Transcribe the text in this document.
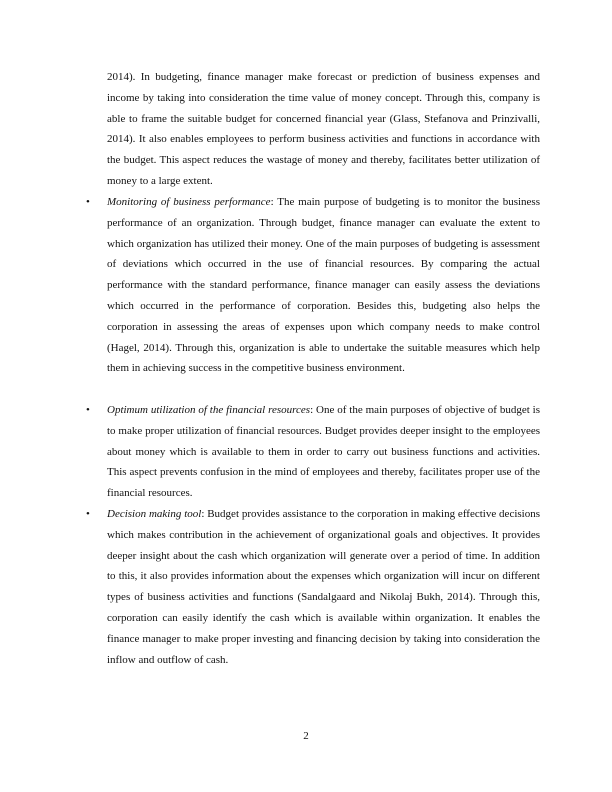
2014). In budgeting, finance manager make forecast or prediction of business expenses and income by taking into consideration the time value of money concept. Through this, company is able to frame the suitable budget for concerned financial year (Glass, Stefanova and Prinzivalli, 2014). It also enables employees to perform business activities and functions in accordance with the budget. This aspect reduces the wastage of money and thereby, facilitates better utilization of money to a large extent.

•	Monitoring of business performance: The main purpose of budgeting is to monitor the business performance of an organization. Through budget, finance manager can evaluate the extent to which organization has utilized their money. One of the main purposes of budgeting is assessment of deviations which occurred in the use of financial resources. By comparing the actual performance with the standard performance, finance manager can easily assess the deviations which occurred in the performance of corporation. Besides this, budgeting also helps the corporation in assessing the areas of expenses upon which company needs to make control (Hagel, 2014). Through this, organization is able to undertake the suitable measures which help them in achieving success in the competitive business environment.

•	Optimum utilization of the financial resources: One of the main purposes of objective of budget is to make proper utilization of financial resources. Budget provides deeper insight to the employees about money which is available to them in order to carry out business functions and activities. This aspect prevents confusion in the mind of employees and thereby, facilitates proper use of the financial resources.

•	Decision making tool: Budget provides assistance to the corporation in making effective decisions which makes contribution in the achievement of organizational goals and objectives. It provides deeper insight about the cash which organization will generate over a period of time. In addition to this, it also provides information about the expenses which organization will incur on different types of business activities and functions (Sandalgaard and Nikolaj Bukh, 2014). Through this, corporation can easily identify the cash which is available within organization. It enables the finance manager to make proper investing and financing decision by taking into consideration the inflow and outflow of cash.

2
